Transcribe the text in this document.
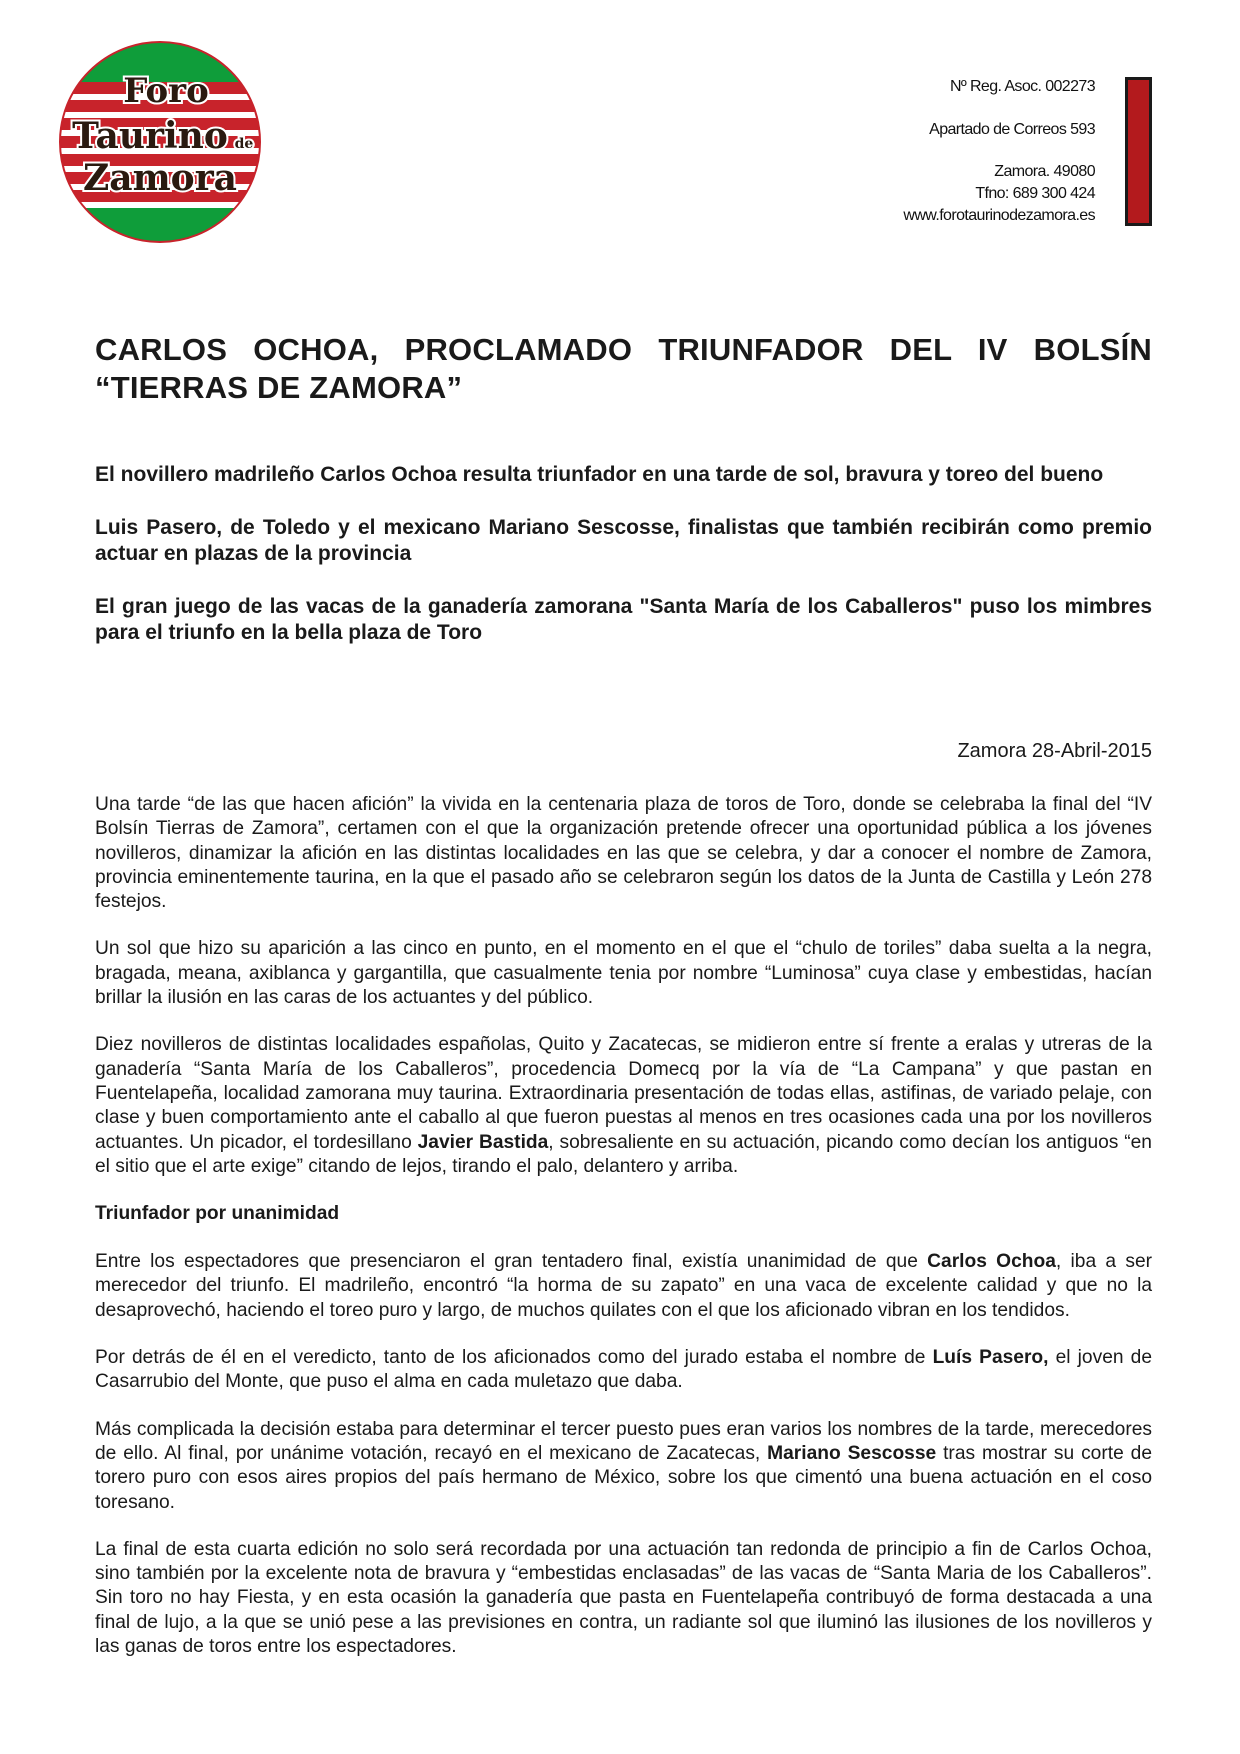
Foro
Taurino de
Zamora
Nº Reg. Asoc. 002273
Apartado de Correos 593
Zamora. 49080
Tfno: 689 300 424
www.forotaurinodezamora.es
CARLOS OCHOA, PROCLAMADO TRIUNFADOR DEL IV BOLSÍN “TIERRAS DE ZAMORA”

El novillero madrileño Carlos Ochoa resulta triunfador en una tarde de sol, bravura y toreo del bueno

Luis Pasero, de Toledo y el mexicano Mariano Sescosse, finalistas que también recibirán como premio actuar en plazas de la provincia

El gran juego de las vacas de la ganadería zamorana "Santa María de los Caballeros" puso los mimbres para el triunfo en la bella plaza de Toro

Zamora 28-Abril-2015

Una tarde “de las que hacen afición” la vivida en la centenaria plaza de toros de Toro, donde se celebraba la final del “IV Bolsín Tierras de Zamora”, certamen con el que la organización pretende ofrecer una oportunidad pública a los jóvenes novilleros, dinamizar la afición en las distintas localidades en las que se celebra, y dar a conocer el nombre de Zamora, provincia eminentemente taurina, en la que el pasado año se celebraron según los datos de la Junta de Castilla y León 278 festejos.

Un sol que hizo su aparición a las cinco en punto, en el momento en el que el “chulo de toriles” daba suelta a la negra, bragada, meana, axiblanca y gargantilla, que casualmente tenia por nombre “Luminosa” cuya clase y embestidas, hacían brillar la ilusión en las caras de los actuantes y del público.

Diez novilleros de distintas localidades españolas, Quito y Zacatecas, se midieron entre sí frente a eralas y utreras de la ganadería “Santa María de los Caballeros”, procedencia Domecq por la vía de “La Campana” y que pastan en Fuentelapeña, localidad zamorana muy taurina. Extraordinaria presentación de todas ellas, astifinas, de variado pelaje, con clase y buen comportamiento ante el caballo al que fueron puestas al menos en tres ocasiones cada una por los novilleros actuantes. Un picador, el tordesillano Javier Bastida, sobresaliente en su actuación, picando como decían los antiguos “en el sitio que el arte exige” citando de lejos, tirando el palo, delantero y arriba.

Triunfador por unanimidad

Entre los espectadores que presenciaron el gran tentadero final, existía unanimidad de que Carlos Ochoa, iba a ser merecedor del triunfo. El madrileño, encontró “la horma de su zapato” en una vaca de excelente calidad y que no la desaprovechó, haciendo el toreo puro y largo, de muchos quilates con el que los aficionado vibran en los tendidos.

Por detrás de él en el veredicto, tanto de los aficionados como del jurado estaba el nombre de Luís Pasero, el joven de Casarrubio del Monte, que puso el alma en cada muletazo que daba.

Más complicada la decisión estaba para determinar el tercer puesto pues eran varios los nombres de la tarde, merecedores de ello. Al final, por unánime votación, recayó en el mexicano de Zacatecas, Mariano Sescosse tras mostrar su corte de torero puro con esos aires propios del país hermano de México, sobre los que cimentó una buena actuación en el coso toresano.

La final de esta cuarta edición no solo será recordada por una actuación tan redonda de principio a fin de Carlos Ochoa, sino también por la excelente nota de bravura y “embestidas enclasadas” de las vacas de “Santa Maria de los Caballeros”. Sin toro no hay Fiesta, y en esta ocasión la ganadería que pasta en Fuentelapeña contribuyó de forma destacada a una final de lujo, a la que se unió pese a las previsiones en contra, un radiante sol que iluminó las ilusiones de los novilleros y las ganas de toros entre los espectadores.
